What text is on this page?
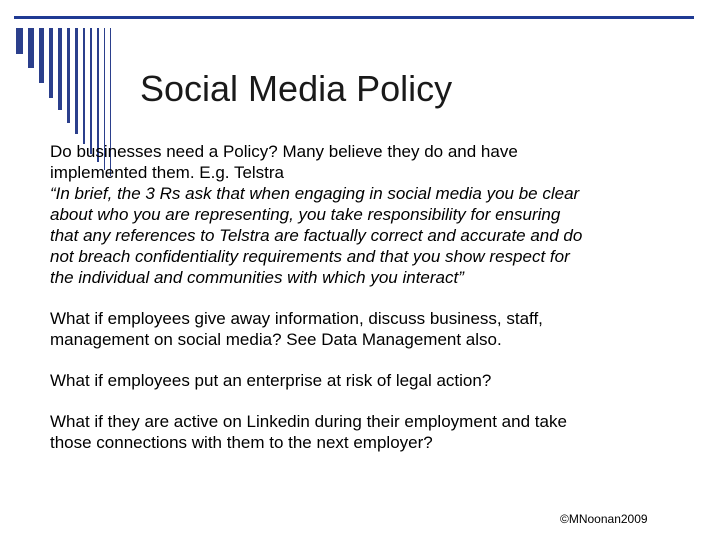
Social Media Policy

Do businesses need a Policy? Many believe they do and have
implemented them. E.g. Telstra

“In brief, the 3 Rs ask that when engaging in social media you be clear
about who you are representing, you take responsibility for ensuring
that any references to Telstra are factually correct and accurate and do
not breach confidentiality requirements and that you show respect for
the individual and communities with which you interact”

What if employees give away information, discuss business, staff,
management on social media? See Data Management also.

What if employees put an enterprise at risk of legal action?

What if they are active on Linkedin during their employment and take
those connections with them to the next employer?

©MNoonan2009
